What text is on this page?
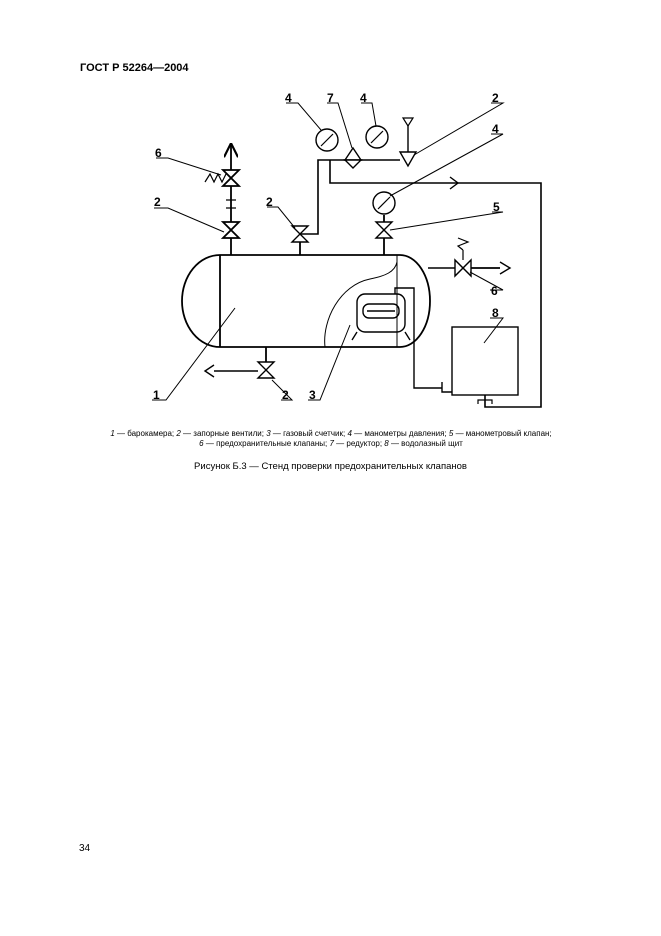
ГОСТ Р 52264—2004
6
2	2
4	7 4	2
4
5
6
8
1	2 3
1 — барокамера; 2 — запорные вентили; 3 — газовый счетчик; 4 — манометры давления; 5 — манометровый клапан;
6 — предохранительные клапаны; 7 — редуктор; 8 — водолазный щит
Рисунок Б.3 — Стенд проверки предохранительных клапанов
34
